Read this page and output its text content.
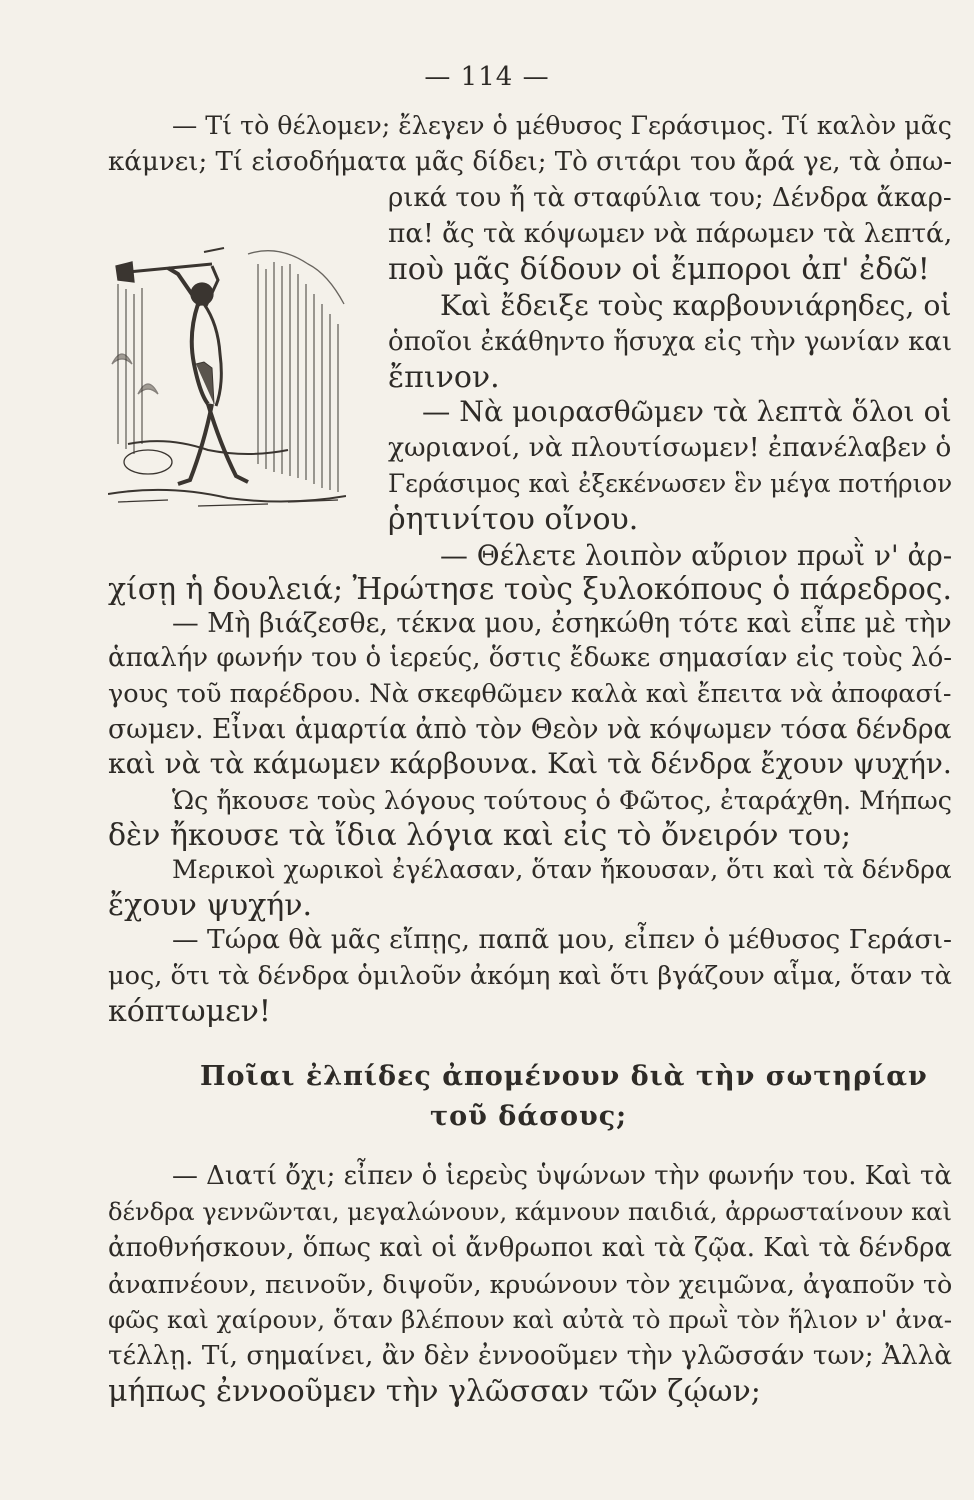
— 114 —
— Τί τὸ θέλομεν; ἔλεγεν ὁ μέθυσος Γεράσιμος. Τί καλὸν μᾶς
κάμνει; Τί εἰσοδήματα μᾶς δίδει; Τὸ σιτάρι του ἄρά γε, τὰ ὀπω-
ρικά του ἤ τὰ σταφύλια του; Δένδρα ἄκαρ-
πα! ἄς τὰ κόψωμεν νὰ πάρωμεν τὰ λεπτά,
ποὺ μᾶς δίδουν οἱ ἔμποροι ἀπ' ἐδῶ!
Καὶ ἔδειξε τοὺς καρβουνιάρηδες, οἱ
ὁποῖοι ἐκάθηντο ἥσυχα εἰς τὴν γωνίαν και
ἔπινον.
— Νὰ μοιρασθῶμεν τὰ λεπτὰ ὅλοι οἱ
χωριανοί, νὰ πλουτίσωμεν! ἐπανέλαβεν ὁ
Γεράσιμος καὶ ἐξεκένωσεν ἓν μέγα ποτήριον
ῥητινίτου οἴνου.
— Θέλετε λοιπὸν αὔριον πρωῒ ν' ἀρ-
χίσῃ ἡ δουλειά; Ἠρώτησε τοὺς ξυλοκόπους ὁ πάρεδρος.
— Μὴ βιάζεσθε, τέκνα μου, ἐσηκώθη τότε καὶ εἶπε μὲ τὴν
ἁπαλήν φωνήν του ὁ ἱερεύς, ὅστις ἔδωκε σημασίαν εἰς τοὺς λό-
γους τοῦ παρέδρου. Νὰ σκεφθῶμεν καλὰ καὶ ἔπειτα νὰ ἀποφασί-
σωμεν. Εἶναι ἁμαρτία ἀπὸ τὸν Θεὸν νὰ κόψωμεν τόσα δένδρα
καὶ νὰ τὰ κάμωμεν κάρβουνα. Καὶ τὰ δένδρα ἔχουν ψυχήν.
Ὡς ἤκουσε τοὺς λόγους τούτους ὁ Φῶτος, ἐταράχθη. Μήπως
δὲν ἤκουσε τὰ ἴδια λόγια καὶ εἰς τὸ ὄνειρόν του;
Μερικοὶ χωρικοὶ ἐγέλασαν, ὅταν ἤκουσαν, ὅτι καὶ τὰ δένδρα
ἔχουν ψυχήν.
— Τώρα θὰ μᾶς εἴπῃς, παπᾶ μου, εἶπεν ὁ μέθυσος Γεράσι-
μος, ὅτι τὰ δένδρα ὁμιλοῦν ἀκόμη καὶ ὅτι βγάζουν αἷμα, ὅταν τὰ
κόπτωμεν!
Ποῖαι ἐλπίδες ἀπομένουν διὰ τὴν σωτηρίαν
τοῦ δάσους;
— Διατί ὄχι; εἶπεν ὁ ἱερεὺς ὑψώνων τὴν φωνήν του. Καὶ τὰ
δένδρα γεννῶνται, μεγαλώνουν, κάμνουν παιδιά, ἀρρωσταίνουν καὶ
ἀποθνήσκουν, ὅπως καὶ οἱ ἄνθρωποι καὶ τὰ ζῷα. Καὶ τὰ δένδρα
ἀναπνέουν, πεινοῦν, διψοῦν, κρυώνουν τὸν χειμῶνα, ἀγαποῦν τὸ
φῶς καὶ χαίρουν, ὅταν βλέπουν καὶ αὐτὰ τὸ πρωῒ τὸν ἥλιον ν' ἀνα-
τέλλῃ. Τί, σημαίνει, ἂν δὲν ἐννοοῦμεν τὴν γλῶσσάν των; Ἀλλὰ
μήπως ἐννοοῦμεν τὴν γλῶσσαν τῶν ζῴων;
